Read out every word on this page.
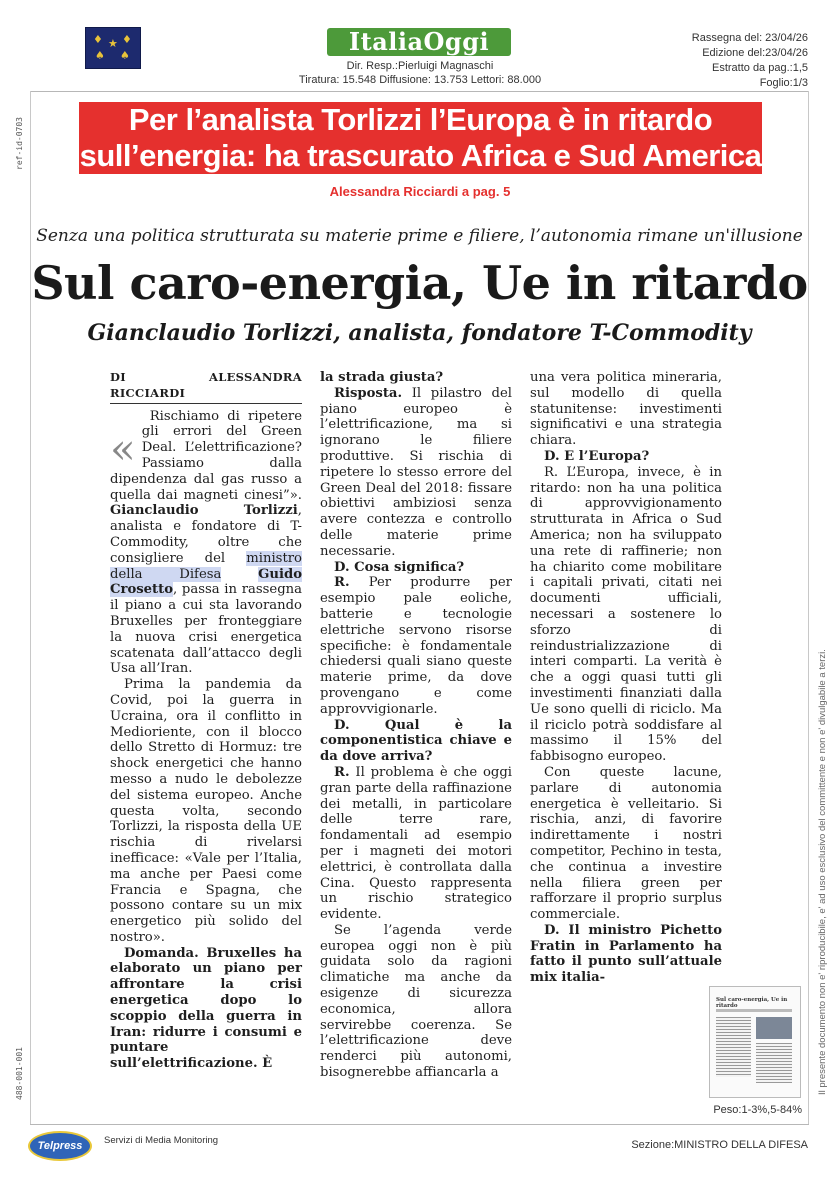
♦ ★ ♦
♠ ♠	ItaliaOggi
Dir. Resp.:Pierluigi Magnaschi
Tiratura: 15.548 Diffusione: 13.753 Lettori: 88.000
Rassegna del: 23/04/26
Edizione del:23/04/26
Estratto da pag.:1,5
Foglio:1/3
ref-id-0703
488-001-001	Il presente documento non e' riproducibile, e' ad uso esclusivo del committente e non e' divulgabile a terzi.
Per l’analista Torlizzi l’Europa è in ritardo
sull’energia: ha trascurato Africa e Sud America
Alessandra Ricciardi a pag. 5
Senza una politica strutturata su materie prime e filiere, l’autonomia rimane un'illusione
Sul caro-energia, Ue in ritardo
Gianclaudio Torlizzi, analista, fondatore T-Commodity
DI ALESSANDRA RICCIARDI
«

Rischiamo di ripetere gli errori del Green Deal. L’elettrificazione? Passiamo dalla dipendenza dal gas russo a quella dai magneti cinesi”». Gianclaudio Torlizzi, analista e fondatore di T-Commodity, oltre che consigliere del ministro della Difesa	Guido Crosetto, passa in rassegna il piano a cui sta lavorando Bruxelles per fronteggiare la nuova crisi energetica scatenata dall’attacco degli Usa all’Iran.

Prima la pandemia da Covid, poi la guerra in Ucraina, ora il conflitto in Medioriente, con il blocco dello Stretto di Hormuz: tre shock energetici che hanno messo a nudo le debolezze del sistema europeo. Anche questa volta, secondo Torlizzi, la risposta della UE rischia di rivelarsi inefficace: «Vale per l’Italia, ma anche per Paesi come Francia e Spagna, che possono contare su un mix energetico più solido del nostro».

Domanda. Bruxelles ha elaborato un piano per affrontare la crisi energetica dopo lo scoppio della guerra in Iran: ridurre i consumi e puntare sull’elettrificazione. È

la strada giusta?

Risposta. Il pilastro del piano europeo è l’elettrificazione, ma si ignorano le filiere produttive. Si rischia di ripetere lo stesso errore del Green Deal del 2018: fissare obiettivi ambiziosi senza avere contezza e controllo delle materie prime necessarie.

D. Cosa significa?

R. Per produrre per esempio pale eoliche, batterie e tecnologie elettriche servono risorse specifiche: è fondamentale chiedersi quali siano queste materie prime, da dove provengano e come approvvigionarle.

D. Qual è la componentistica chiave e da dove arriva?

R. Il problema è che oggi gran parte della raffinazione dei metalli, in particolare delle terre rare, fondamentali ad esempio per i magneti dei motori elettrici, è controllata dalla Cina. Questo rappresenta un rischio strategico evidente.

Se l’agenda verde europea oggi non è più guidata solo da ragioni climatiche ma anche da esigenze di sicurezza economica, allora servirebbe coerenza. Se l’elettrificazione deve renderci più autonomi, bisognerebbe affiancarla a

una vera politica mineraria, sul modello di quella statunitense: investimenti significativi e una strategia chiara.

D. E l’Europa?

R. L’Europa, invece, è in ritardo: non ha una politica di approvvigionamento strutturata in Africa o Sud America; non ha sviluppato una rete di raffinerie; non ha chiarito come mobilitare i capitali privati, citati nei documenti ufficiali, necessari a sostenere lo sforzo di reindustrializzazione di interi comparti. La verità è che a oggi quasi tutti gli investimenti finanziati dalla Ue sono quelli di riciclo. Ma il riciclo potrà soddisfare al massimo il 15% del fabbisogno europeo.

Con queste lacune, parlare di autonomia energetica è velleitario. Si rischia, anzi, di favorire indirettamente i nostri competitor, Pechino in testa, che continua a investire nella filiera green per rafforzare il proprio surplus commerciale.

D. Il ministro Pichetto Fratin in Parlamento ha fatto il punto sull’attuale mix italia-

Sul caro-energia, Ue in ritardo
Peso:1-3%,5-84%
Telpress	Servizi di Media Monitoring	Sezione:MINISTRO DELLA DIFESA
